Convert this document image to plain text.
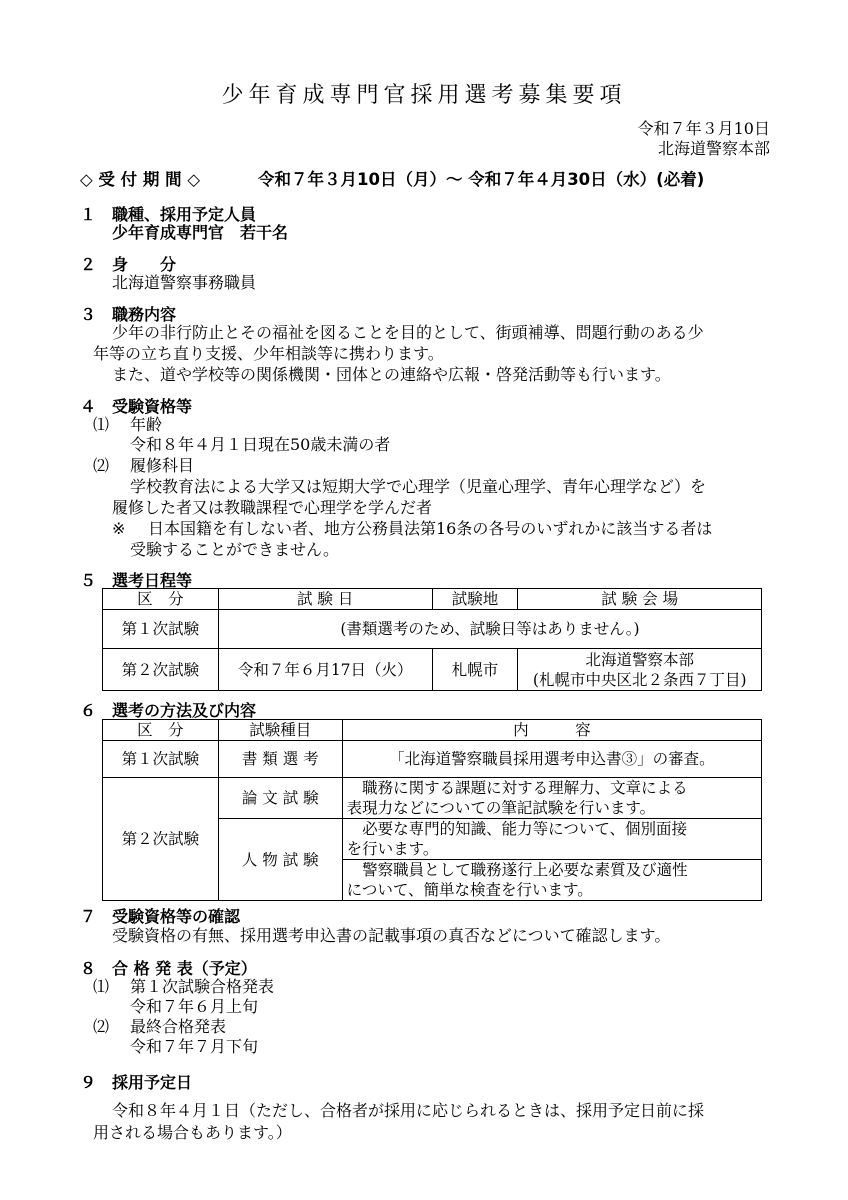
少年育成専門官採用選考募集要項
令和７年３月10日
北海道警察本部
◇ 受 付 期 間 ◇	令和７年３月10日（月）～ 令和７年４月30日（水）(必着)
１ 職種、採用予定人員
少年育成専門官　若干名
２ 身　　分
北海道警察事務職員
３ 職務内容
少年の非行防止とその福祉を図ることを目的として、街頭補導、問題行動のある少
年等の立ち直り支援、少年相談等に携わります。
また、道や学校等の関係機関・団体との連絡や広報・啓発活動等も行います。
４ 受験資格等
⑴ 年齢
令和８年４月１日現在50歳未満の者
⑵ 履修科目
学校教育法による大学又は短期大学で心理学（児童心理学、青年心理学など）を
履修した者又は教職課程で心理学を学んだ者
※ 日本国籍を有しない者、地方公務員法第16条の各号のいずれかに該当する者は
受験することができません。
５ 選考日程等
区　分	試 験 日	試験地	試 験 会 場
第１次試験	(書類選考のため、試験日等はありません。)		
第２次試験	令和７年６月17日（火）	札幌市	北海道警察本部
(札幌市中央区北２条西７丁目)
６ 選考の方法及び内容
区　分	試験種目	内　　　容
第１次試験	書 類 選 考	「北海道警察職員採用選考申込書③」の審査。
第２次試験	論 文 試 験	　職務に関する課題に対する理解力、文章による
表現力などについての筆記試験を行います。

	人 物 試 験	　必要な専門的知識、能力等について、個別面接
を行います。

		　警察職員として職務遂行上必要な素質及び適性
について、簡単な検査を行います。
７ 受験資格等の確認
受験資格の有無、採用選考申込書の記載事項の真否などについて確認します。
８ 合 格 発 表（予定）
⑴ 第１次試験合格発表
令和７年６月上旬
⑵ 最終合格発表
令和７年７月下旬
９ 採用予定日
令和８年４月１日（ただし、合格者が採用に応じられるときは、採用予定日前に採
用される場合もあります。）
